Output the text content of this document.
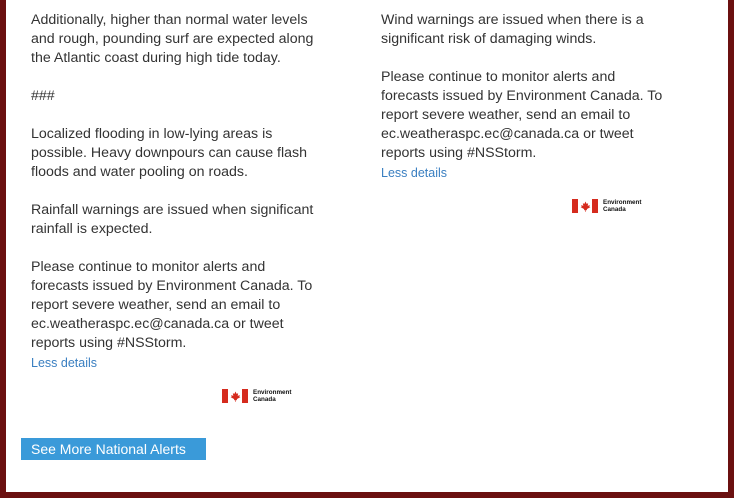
Additionally, higher than normal water levels
and rough, pounding surf are expected along
the Atlantic coast during high tide today.

###

Localized flooding in low-lying areas is
possible. Heavy downpours can cause flash
floods and water pooling on roads.

Rainfall warnings are issued when significant
rainfall is expected.

Please continue to monitor alerts and
forecasts issued by Environment Canada. To
report severe weather, send an email to
ec.weatheraspc.ec@canada.ca or tweet
reports using #NSStorm.

Less details
Environment
Canada

Wind warnings are issued when there is a
significant risk of damaging winds.

Please continue to monitor alerts and
forecasts issued by Environment Canada. To
report severe weather, send an email to
ec.weatheraspc.ec@canada.ca or tweet
reports using #NSStorm.

Less details
Environment
Canada
See More National Alerts
